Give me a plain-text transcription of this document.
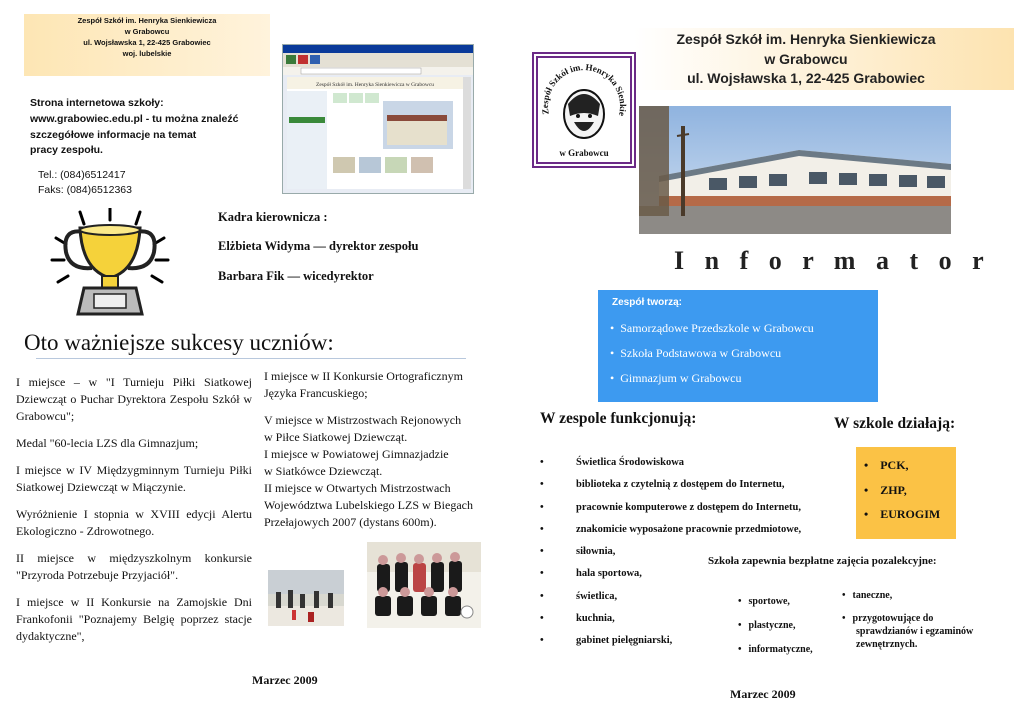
Zespół Szkół im. Henryka Sienkiewicza
w Grabowcu
ul. Wojsławska 1, 22-425 Grabowiec
woj. lubelskie
Zespół Szkół im. Henryka Sienkiewicza w Grabowcu
Strona internetowa szkoły:
www.grabowiec.edu.pl - tu można znaleźć
szczegółowe informacje na temat
pracy zespołu.
Tel.: (084)6512417
Faks: (084)6512363
Kadra kierownicza :
Elżbieta Widyma — dyrektor zespołu
Barbara Fik — wicedyrektor
Oto ważniejsze sukcesy uczniów:

I miejsce – w "I Turnieju Piłki Siatkowej Dziewcząt o Puchar Dyrektora Zespołu Szkół w Grabowcu";

Medal "60-lecia LZS dla Gimnazjum;

I miejsce w IV Międzygminnym Turnieju Piłki Siatkowej Dziewcząt w Miączynie.

Wyróżnienie I stopnia w XVIII edycji Alertu Ekologiczno - Zdrowotnego.

II miejsce w międzyszkolnym konkursie "Przyroda Potrzebuje Przyjaciół".

I miejsce w II Konkursie na Zamojskie Dni Frankofonii "Poznajemy Belgię poprzez stacje dydaktyczne",

I miejsce w II Konkursie Ortograficznym Języka Francuskiego;

V miejsce w Mistrzostwach Rejonowych
w Piłce Siatkowej Dziewcząt.
I miejsce w Powiatowej Gimnazjadzie
w Siatkówce Dziewcząt.
II miejsce w Otwartych Mistrzostwach Województwa Lubelskiego LZS w Biegach Przełajowych 2007 (dystans 600m).

Marzec 2009
Zespół Szkół im. Henryka Sienkiewicza
w Grabowcu
ul. Wojsławska 1, 22-425 Grabowiec
Zespół Szkół im. Henryka Sienkie
w Grabowcu
I n f o r m a t o r
Zespół tworzą:
• Samorządowe Przedszkole w Grabowcu
• Szkoła Podstawowa w Grabowcu
• Gimnazjum w Grabowcu
W zespole funkcjonują:	W szkole działają:
•	Świetlica Środowiskowa
•	biblioteka z czytelnią z dostępem do Internetu,
•	pracownie komputerowe z dostępem do Internetu,
•	znakomicie wyposażone pracownie przedmiotowe,
•	siłownia,
•	hala sportowa,
•	świetlica,
•	kuchnia,
•	gabinet pielęgniarski,
• PCK,
• ZHP,
• EUROGIM
Szkoła zapewnia bezpłatne zajęcia pozalekcyjne:
• sportowe,
• plastyczne,
• informatyczne,
• taneczne,
• przygotowujące do sprawdzianów i egzaminów zewnętrznych.
Marzec 2009
